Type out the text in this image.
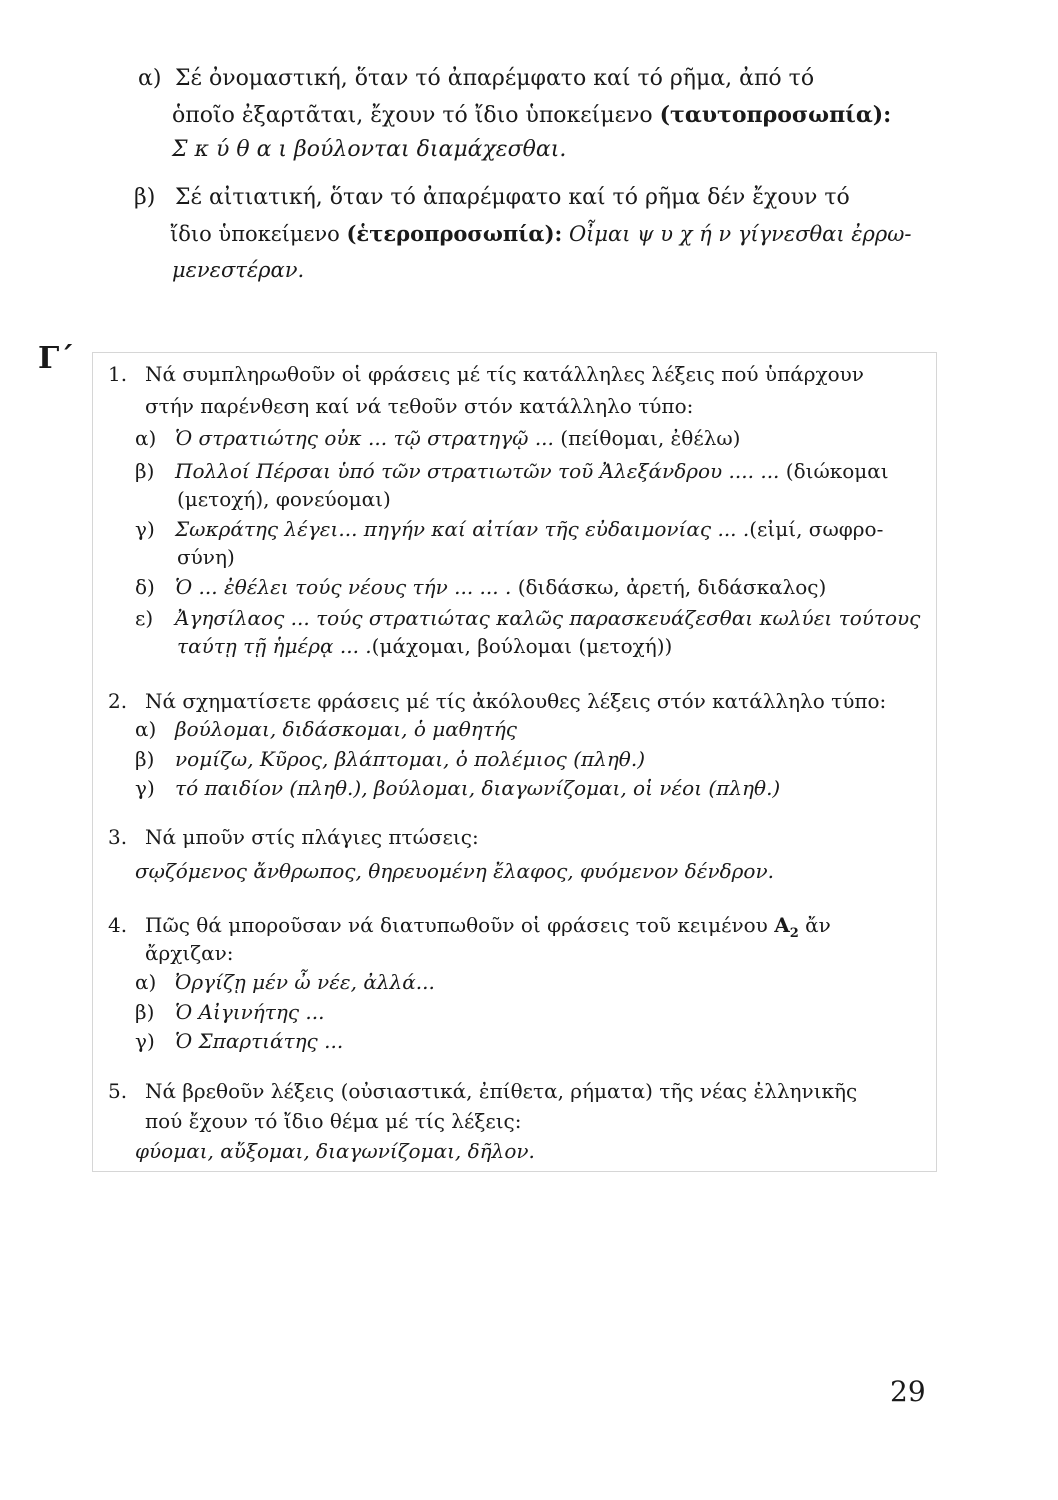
α) Σέ ὀνομαστική, ὅταν τό ἀπαρέμφατο καί τό ρῆμα, ἀπό τό
ὁποῖο ἐξαρτᾶται, ἔχουν τό ἴδιο ὑποκείμενο (ταυτοπροσωπία):
Σ κ ύ θ α ι βούλονται διαμάχεσθαι.
β) Σέ αἰτιατική, ὅταν τό ἀπαρέμφατο καί τό ρῆμα δέν ἔχουν τό
ἴδιο ὑποκείμενο (ἑτεροπροσωπία): Οἶμαι ψ υ χ ή ν γίγνεσθαι ἐρρω-
μενεστέραν.
Γ΄ 1. Νά συμπληρωθοῦν οἱ φράσεις μέ τίς κατάλληλες λέξεις πού ὑπάρχουν
στήν παρένθεση καί νά τεθοῦν στόν κατάλληλο τύπο:
α) Ὁ στρατιώτης οὐκ ... τῷ στρατηγῷ ... (πείθομαι, ἐθέλω)
β) Πολλοί Πέρσαι ὑπό τῶν στρατιωτῶν τοῦ Ἀλεξάνδρου .... ... (διώκομαι
(μετοχή), φονεύομαι)
γ) Σωκράτης λέγει... πηγήν καί αἰτίαν τῆς εὐδαιμονίας ... .(εἰμί, σωφρο-
σύνη)
δ) Ὁ ... ἐθέλει τούς νέους τήν ... ... . (διδάσκω, ἀρετή, διδάσκαλος)
ε) Ἀγησίλαος ... τούς στρατιώτας καλῶς παρασκευάζεσθαι κωλύει τούτους
ταύτῃ τῇ ἡμέρᾳ ... .(μάχομαι, βούλομαι (μετοχή))
2. Νά σχηματίσετε φράσεις μέ τίς ἀκόλουθες λέξεις στόν κατάλληλο τύπο:
α) βούλομαι, διδάσκομαι, ὁ μαθητής
β) νομίζω, Κῦρος, βλάπτομαι, ὁ πολέμιος (πληθ.)
γ) τό παιδίον (πληθ.), βούλομαι, διαγωνίζομαι, οἱ νέοι (πληθ.)
3. Νά μποῦν στίς πλάγιες πτώσεις:
σῳζόμενος ἄνθρωπος, θηρευομένη ἔλαφος, φυόμενον δένδρον.
4. Πῶς θά μποροῦσαν νά διατυπωθοῦν οἱ φράσεις τοῦ κειμένου $A_2$ ἄν
ἄρχιζαν:
α) Ὀργίζῃ μέν ὦ νέε, ἀλλά...
β) Ὁ Αἰγινήτης ...
γ) Ὁ Σπαρτιάτης ...
5. Νά βρεθοῦν λέξεις (οὐσιαστικά, ἐπίθετα, ρήματα) τῆς νέας ἑλληνικῆς
πού ἔχουν τό ἴδιο θέμα μέ τίς λέξεις:
φύομαι, αὔξομαι, διαγωνίζομαι, δῆλον.
29
